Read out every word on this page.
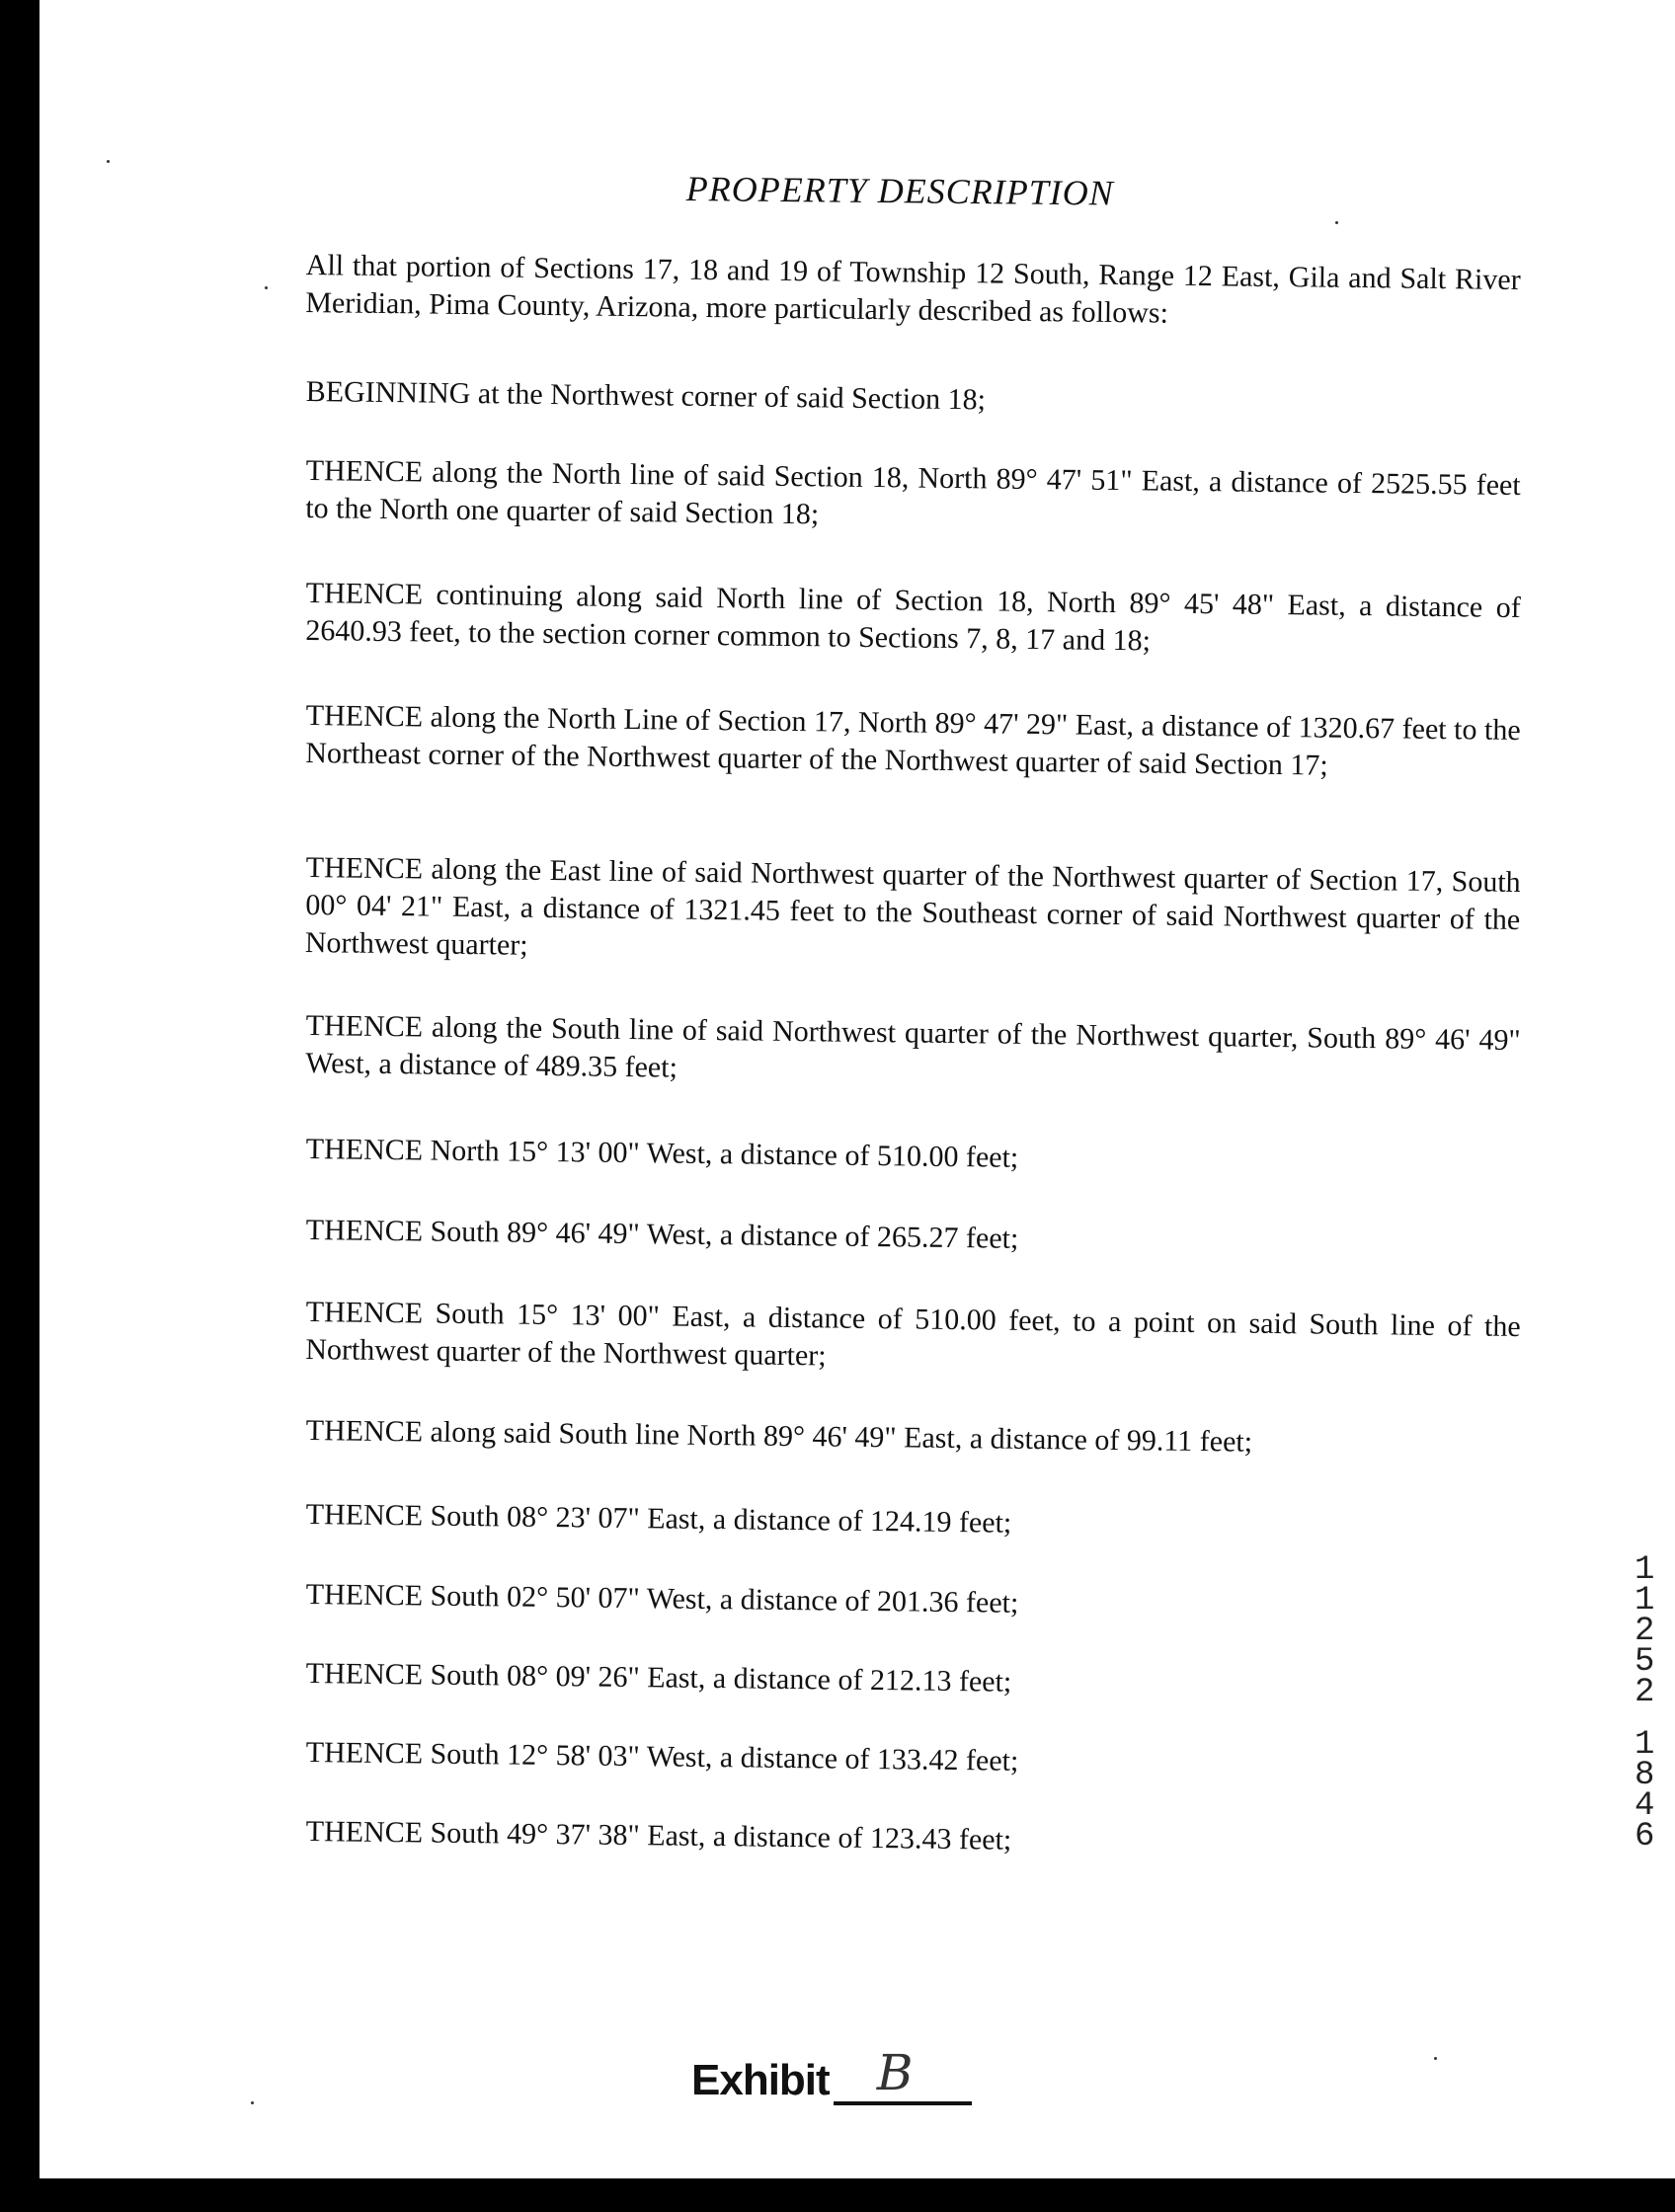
PROPERTY DESCRIPTION
All that portion of Sections 17, 18 and 19 of Township 12 South, Range 12 East, Gila and Salt River Meridian, Pima County, Arizona, more particularly described as follows:
BEGINNING at the Northwest corner of said Section 18;
THENCE along the North line of said Section 18, North 89° 47' 51" East, a distance of 2525.55 feet to the North one quarter of said Section 18;
THENCE continuing along said North line of Section 18, North 89° 45' 48" East, a distance of 2640.93 feet, to the section corner common to Sections 7, 8, 17 and 18;
THENCE along the North Line of Section 17, North 89° 47' 29" East, a distance of 1320.67 feet to the Northeast corner of the Northwest quarter of the Northwest quarter of said Section 17;
THENCE along the East line of said Northwest quarter of the Northwest quarter of Section 17, South 00° 04' 21" East, a distance of 1321.45 feet to the Southeast corner of said Northwest quarter of the Northwest quarter;
THENCE along the South line of said Northwest quarter of the Northwest quarter, South 89° 46' 49" West, a distance of 489.35 feet;
THENCE North 15° 13' 00" West, a distance of 510.00 feet;
THENCE South 89° 46' 49" West, a distance of 265.27 feet;
THENCE South 15° 13' 00" East, a distance of 510.00 feet, to a point on said South line of the Northwest quarter of the Northwest quarter;
THENCE along said South line North 89° 46' 49" East, a distance of 99.11 feet;
THENCE South 08° 23' 07" East, a distance of 124.19 feet;
THENCE South 02° 50' 07" West, a distance of 201.36 feet;
THENCE South 08° 09' 26" East, a distance of 212.13 feet;
THENCE South 12° 58' 03" West, a distance of 133.42 feet;
THENCE South 49° 37' 38" East, a distance of 123.43 feet;
11252
1846
Exhibit B
